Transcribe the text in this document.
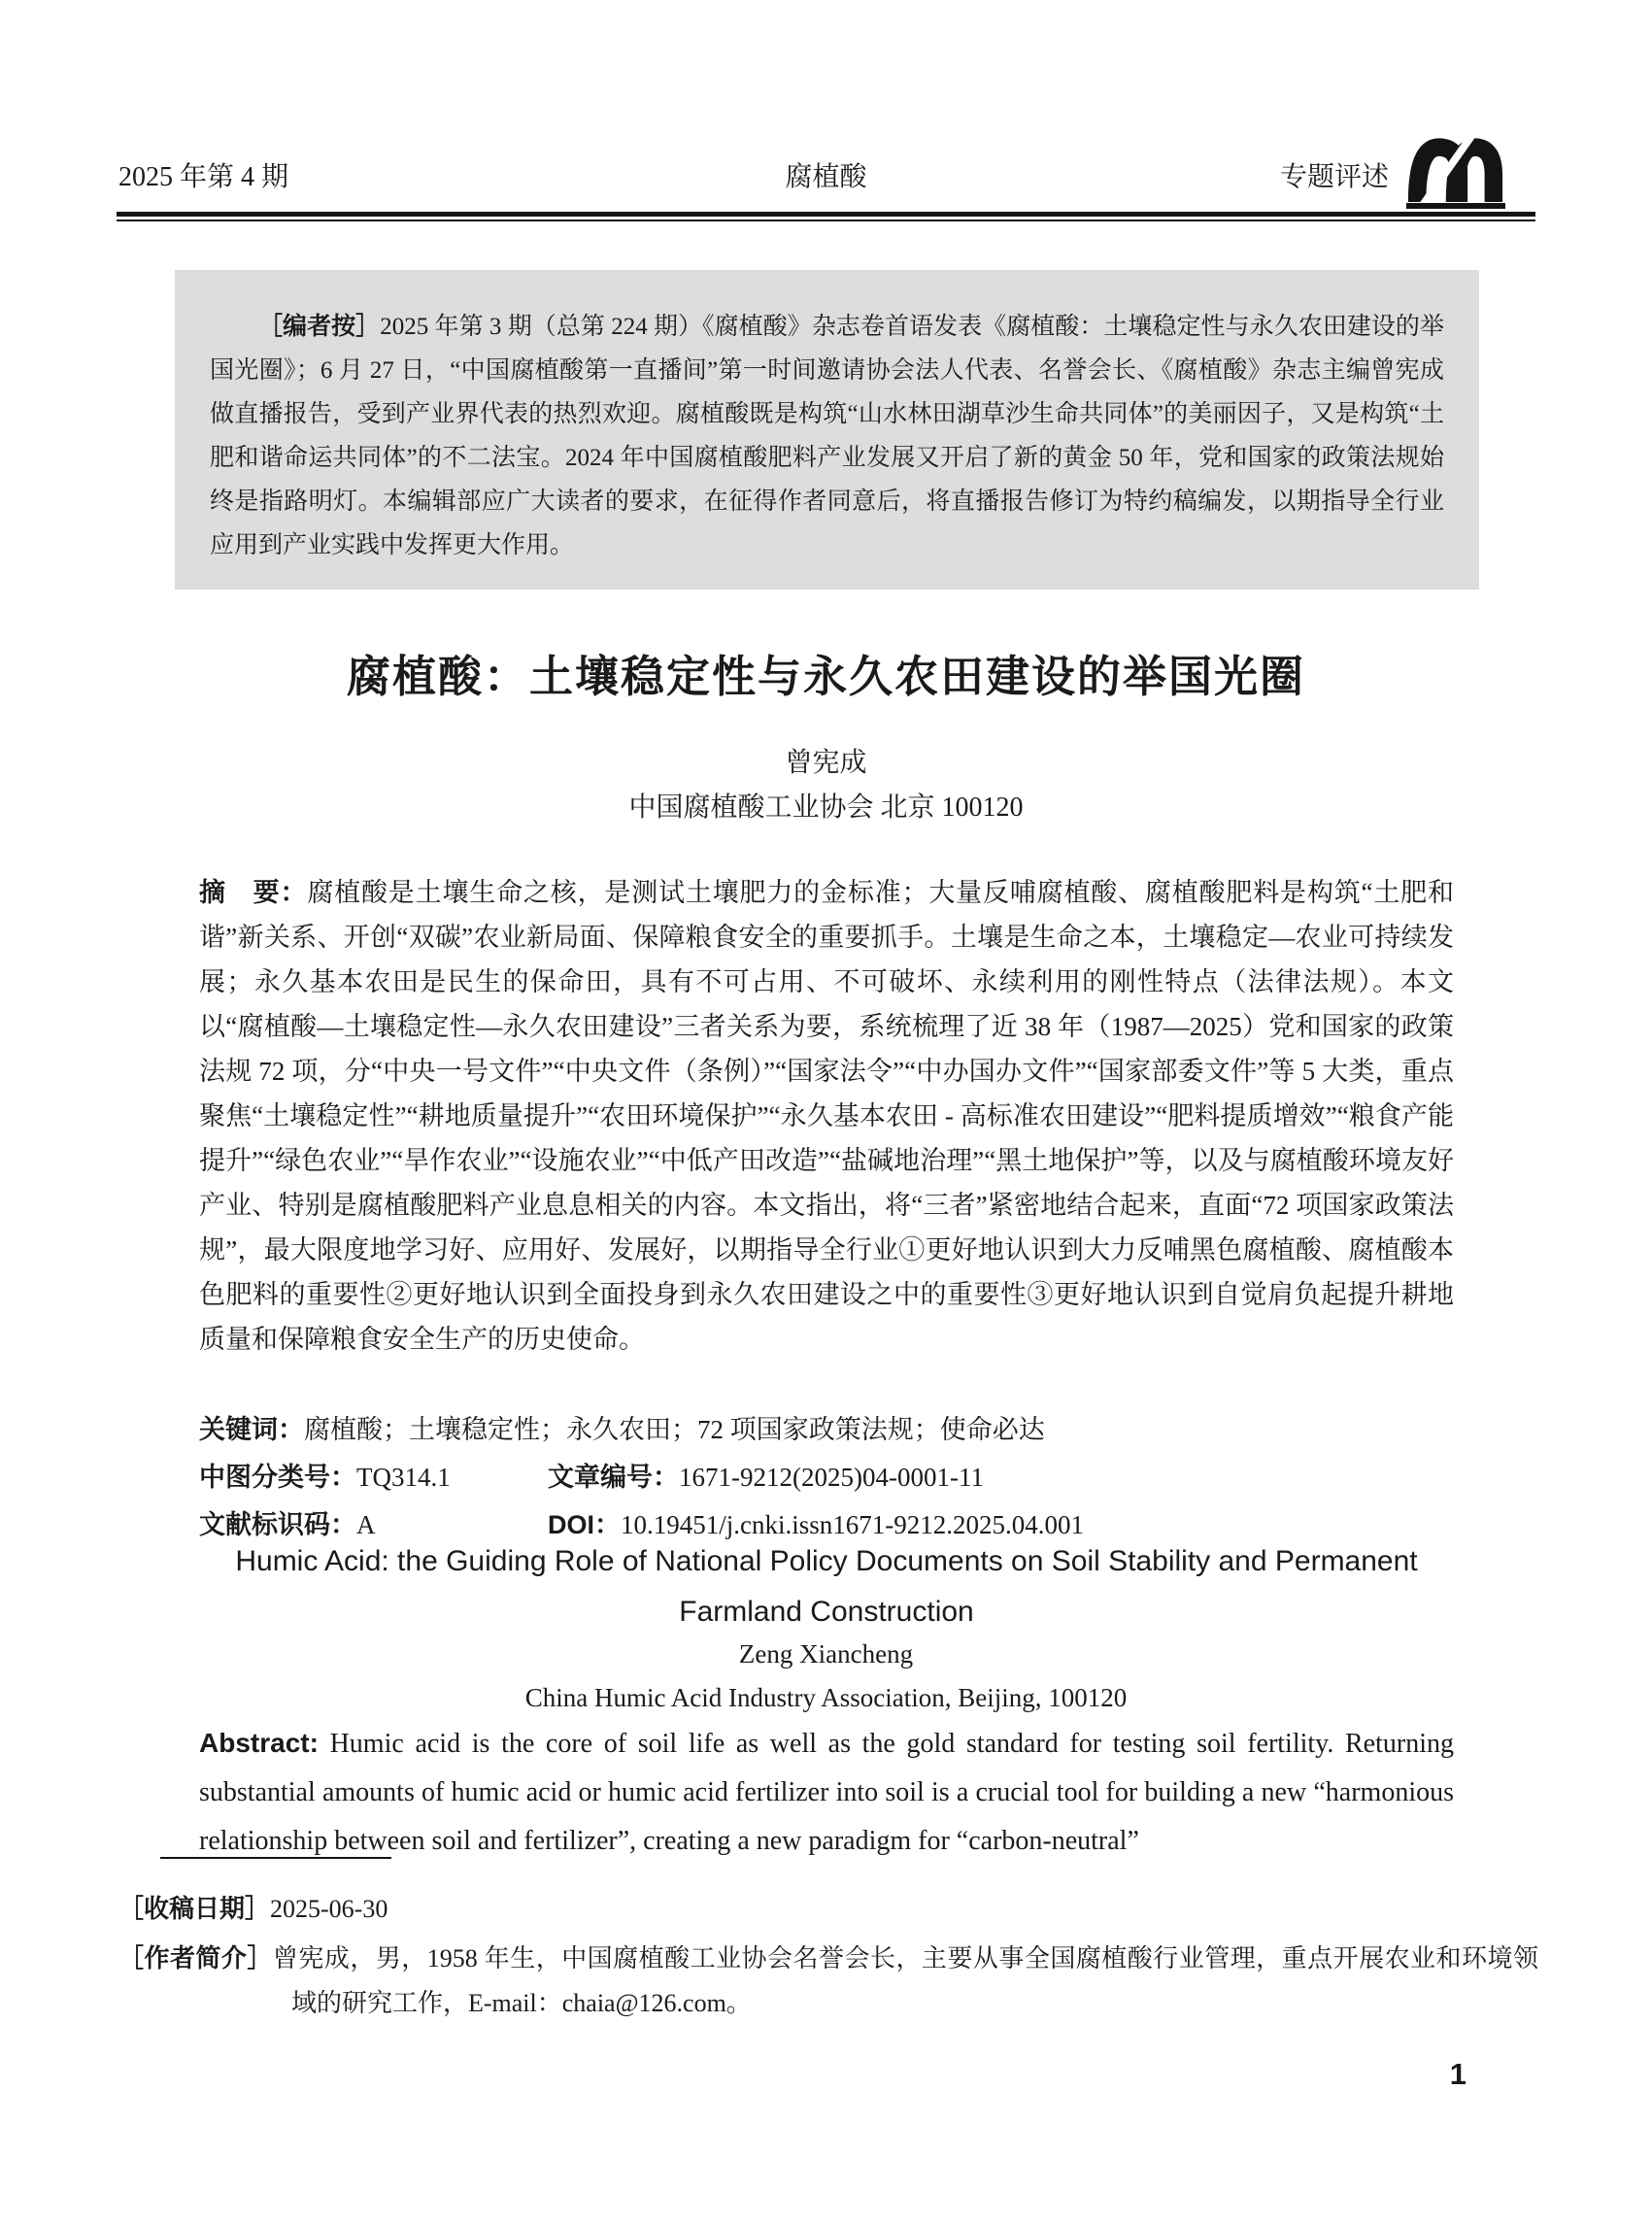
2025 年第 4 期	腐植酸	专题评述

［编者按］2025 年第 3 期（总第 224 期）《腐植酸》杂志卷首语发表《腐植酸：土壤稳定性与永久农田建设的举国光圈》；6 月 27 日，“中国腐植酸第一直播间”第一时间邀请协会法人代表、名誉会长、《腐植酸》杂志主编曾宪成做直播报告，受到产业界代表的热烈欢迎。腐植酸既是构筑“山水林田湖草沙生命共同体”的美丽因子，又是构筑“土肥和谐命运共同体”的不二法宝。2024 年中国腐植酸肥料产业发展又开启了新的黄金 50 年，党和国家的政策法规始终是指路明灯。本编辑部应广大读者的要求，在征得作者同意后，将直播报告修订为特约稿编发，以期指导全行业应用到产业实践中发挥更大作用。

腐植酸：土壤稳定性与永久农田建设的举国光圈
曾宪成
中国腐植酸工业协会 北京 100120

摘　要：腐植酸是土壤生命之核，是测试土壤肥力的金标准；大量反哺腐植酸、腐植酸肥料是构筑“土肥和谐”新关系、开创“双碳”农业新局面、保障粮食安全的重要抓手。土壤是生命之本，土壤稳定—农业可持续发展；永久基本农田是民生的保命田，具有不可占用、不可破坏、永续利用的刚性特点（法律法规）。本文以“腐植酸—土壤稳定性—永久农田建设”三者关系为要，系统梳理了近 38 年（1987—2025）党和国家的政策法规 72 项，分“中央一号文件”“中央文件（条例）”“国家法令”“中办国办文件”“国家部委文件”等 5 大类，重点聚焦“土壤稳定性”“耕地质量提升”“农田环境保护”“永久基本农田 - 高标准农田建设”“肥料提质增效”“粮食产能提升”“绿色农业”“旱作农业”“设施农业”“中低产田改造”“盐碱地治理”“黑土地保护”等，以及与腐植酸环境友好产业、特别是腐植酸肥料产业息息相关的内容。本文指出，将“三者”紧密地结合起来，直面“72 项国家政策法规”，最大限度地学习好、应用好、发展好，以期指导全行业①更好地认识到大力反哺黑色腐植酸、腐植酸本色肥料的重要性②更好地认识到全面投身到永久农田建设之中的重要性③更好地认识到自觉肩负起提升耕地质量和保障粮食安全生产的历史使命。

关键词：腐植酸；土壤稳定性；永久农田；72 项国家政策法规；使命必达
中图分类号：TQ314.1	文章编号：1671-9212(2025)04-0001-11
文献标识码：A	DOI：10.19451/j.cnki.issn1671-9212.2025.04.001
Humic Acid: the Guiding Role of National Policy Documents on Soil Stability and Permanent Farmland Construction
Zeng Xiancheng
China Humic Acid Industry Association, Beijing, 100120

Abstract: Humic acid is the core of soil life as well as the gold standard for testing soil fertility. Returning substantial amounts of humic acid or humic acid fertilizer into soil is a crucial tool for building a new “harmonious relationship between soil and fertilizer”, creating a new paradigm for “carbon-neutral”

［收稿日期］2025-06-30

［作者简介］曾宪成，男，1958 年生，中国腐植酸工业协会名誉会长，主要从事全国腐植酸行业管理，重点开展农业和环境领域的研究工作，E-mail：chaia@126.com。

1
